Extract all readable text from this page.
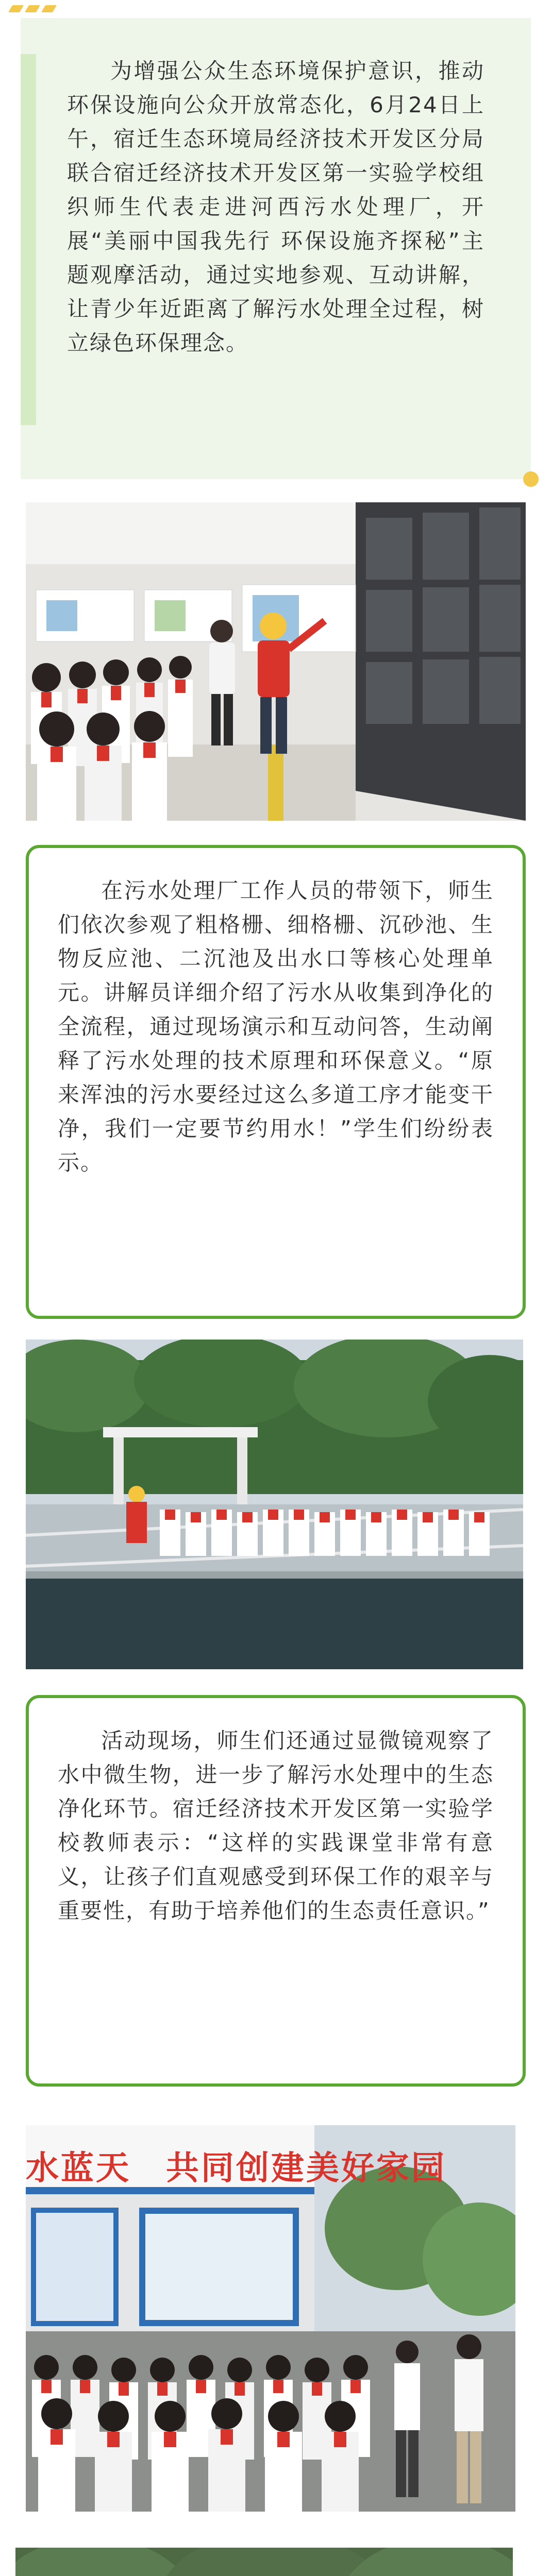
为增强公众生态环境保护意识，推动环保设施向公众开放常态化，6月24日上午，宿迁生态环境局经济技术开发区分局联合宿迁经济技术开发区第一实验学校组织师生代表走进河西污水处理厂，开展“美丽中国我先行 环保设施齐探秘”主题观摩活动，通过实地参观、互动讲解，让青少年近距离了解污水处理全过程，树立绿色环保理念。

在污水处理厂工作人员的带领下，师生们依次参观了粗格栅、细格栅、沉砂池、生物反应池、二沉池及出水口等核心处理单元。讲解员详细介绍了污水从收集到净化的全流程，通过现场演示和互动问答，生动阐释了污水处理的技术原理和环保意义。“原来浑浊的污水要经过这么多道工序才能变干净，我们一定要节约用水！”学生们纷纷表示。

活动现场，师生们还通过显微镜观察了水中微生物，进一步了解污水处理中的生态净化环节。宿迁经济技术开发区第一实验学校教师表示：“这样的实践课堂非常有意义，让孩子们直观感受到环保工作的艰辛与重要性，有助于培养他们的生态责任意识。”

水蓝天　共同创建美好家园
